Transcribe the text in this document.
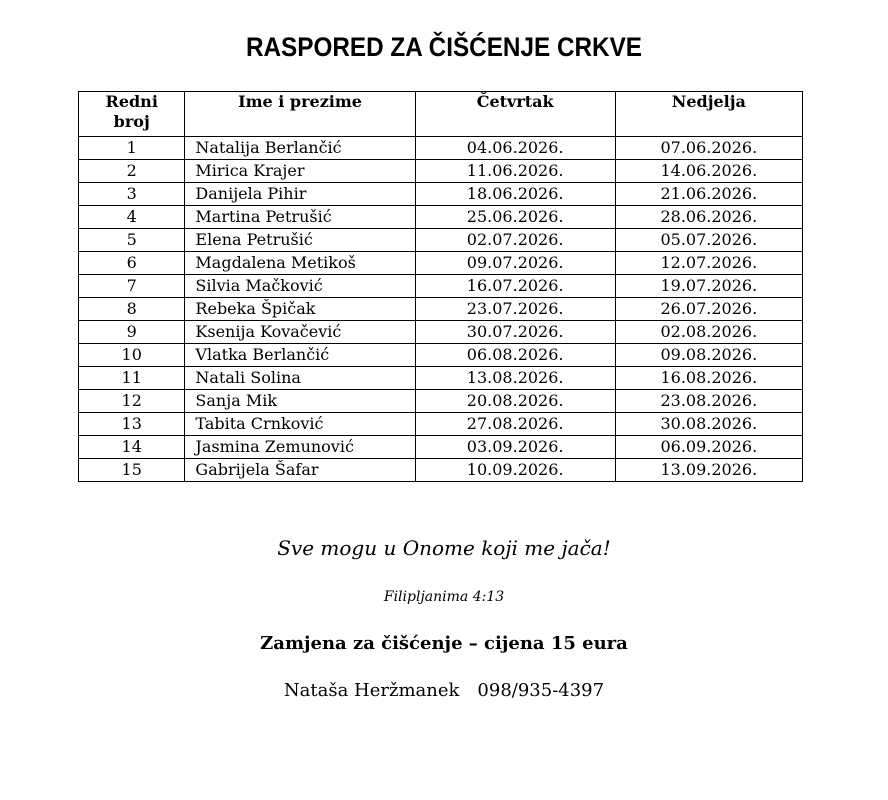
RASPORED ZA ČIŠĆENJE CRKVE
Redni
broj	Ime i prezime	Četvrtak	Nedjelja
1	Natalija Berlančić	04.06.2026.	07.06.2026.
2	Mirica Krajer	11.06.2026.	14.06.2026.
3	Danijela Pihir	18.06.2026.	21.06.2026.
4	Martina Petrušić	25.06.2026.	28.06.2026.
5	Elena Petrušić	02.07.2026.	05.07.2026.
6	Magdalena Metikoš	09.07.2026.	12.07.2026.
7	Silvia Mačković	16.07.2026.	19.07.2026.
8	Rebeka Špičak	23.07.2026.	26.07.2026.
9	Ksenija Kovačević	30.07.2026.	02.08.2026.
10	Vlatka Berlančić	06.08.2026.	09.08.2026.
11	Natali Solina	13.08.2026.	16.08.2026.
12	Sanja Mik	20.08.2026.	23.08.2026.
13	Tabita Crnković	27.08.2026.	30.08.2026.
14	Jasmina Zemunović	03.09.2026.	06.09.2026.
15	Gabrijela Šafar	10.09.2026.	13.09.2026.
Sve mogu u Onome koji me jača!
Filipljanima 4:13
Zamjena za čišćenje – cijena 15 eura
Nataša Heržmanek 098/935-4397
